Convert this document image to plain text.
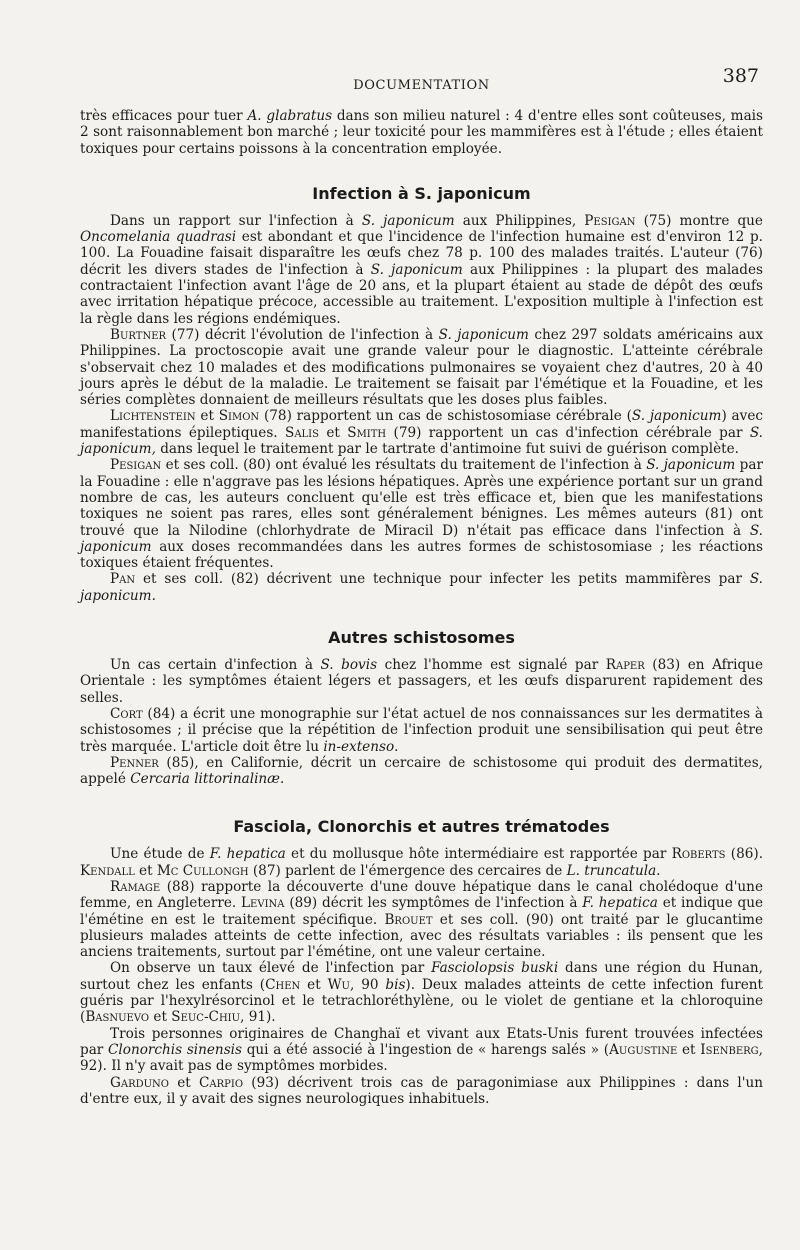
DOCUMENTATION	387

très efficaces pour tuer A. glabratus dans son milieu naturel : 4 d'entre elles sont coûteuses, mais 2 sont raisonnablement bon marché ; leur toxicité pour les mammifères est à l'étude ; elles étaient toxiques pour certains poissons à la concentration employée.

Infection à S. japonicum

Dans un rapport sur l'infection à S. japonicum aux Philippines, Pesigan (75) montre que Oncomelania quadrasi est abondant et que l'incidence de l'infection humaine est d'environ 12 p. 100. La Fouadine faisait disparaître les œufs chez 78 p. 100 des malades traités. L'auteur (76) décrit les divers stades de l'infection à S. japonicum aux Philippines : la plupart des malades contractaient l'infection avant l'âge de 20 ans, et la plupart étaient au stade de dépôt des œufs avec irritation hépatique précoce, accessible au traitement. L'exposition multiple à l'infection est la règle dans les régions endémiques.

Burtner (77) décrit l'évolution de l'infection à S. japonicum chez 297 soldats américains aux Philippines. La proctoscopie avait une grande valeur pour le diagnostic. L'atteinte cérébrale s'observait chez 10 malades et des modifications pulmonaires se voyaient chez d'autres, 20 à 40 jours après le début de la maladie. Le traitement se faisait par l'émétique et la Fouadine, et les séries complètes donnaient de meilleurs résultats que les doses plus faibles.

Lichtenstein et Simon (78) rapportent un cas de schistosomiase cérébrale (S. japonicum) avec manifestations épileptiques. Salis et Smith (79) rapportent un cas d'infection cérébrale par S. japonicum, dans lequel le traitement par le tartrate d'antimoine fut suivi de guérison complète.

Pesigan et ses coll. (80) ont évalué les résultats du traitement de l'infection à S. japonicum par la Fouadine : elle n'aggrave pas les lésions hépatiques. Après une expérience portant sur un grand nombre de cas, les auteurs concluent qu'elle est très efficace et, bien que les manifestations toxiques ne soient pas rares, elles sont généralement bénignes. Les mêmes auteurs (81) ont trouvé que la Nilodine (chlorhydrate de Miracil D) n'était pas efficace dans l'infection à S. japonicum aux doses recommandées dans les autres formes de schistosomiase ; les réactions toxiques étaient fréquentes.

Pan et ses coll. (82) décrivent une technique pour infecter les petits mammifères par S. japonicum.

Autres schistosomes

Un cas certain d'infection à S. bovis chez l'homme est signalé par Raper (83) en Afrique Orientale : les symptômes étaient légers et passagers, et les œufs disparurent rapidement des selles.

Cort (84) a écrit une monographie sur l'état actuel de nos connaissances sur les dermatites à schistosomes ; il précise que la répétition de l'infection produit une sensibilisation qui peut être très marquée. L'article doit être lu in-extenso.

Penner (85), en Californie, décrit un cercaire de schistosome qui produit des dermatites, appelé Cercaria littorinalinæ.

Fasciola, Clonorchis et autres trématodes

Une étude de F. hepatica et du mollusque hôte intermédiaire est rapportée par Roberts (86). Kendall et Mc Cullongh (87) parlent de l'émergence des cercaires de L. truncatula.

Ramage (88) rapporte la découverte d'une douve hépatique dans le canal cholédoque d'une femme, en Angleterre. Levina (89) décrit les symptômes de l'infection à F. hepatica et indique que l'émétine en est le traitement spécifique. Brouet et ses coll. (90) ont traité par le glucantime plusieurs malades atteints de cette infection, avec des résultats variables : ils pensent que les anciens traitements, surtout par l'émétine, ont une valeur certaine.

On observe un taux élevé de l'infection par Fasciolopsis buski dans une région du Hunan, surtout chez les enfants (Chen et Wu, 90 bis). Deux malades atteints de cette infection furent guéris par l'hexylrésorcinol et le tetrachloréthylène, ou le violet de gentiane et la chloroquine (Basnuevo et Seuc-Chiu, 91).

Trois personnes originaires de Changhaï et vivant aux Etats-Unis furent trouvées infectées par Clonorchis sinensis qui a été associé à l'ingestion de « harengs salés » (Augustine et Isenberg, 92). Il n'y avait pas de symptômes morbides.

Garduno et Carpio (93) décrivent trois cas de paragonimiase aux Philippines : dans l'un d'entre eux, il y avait des signes neurologiques inhabituels.
